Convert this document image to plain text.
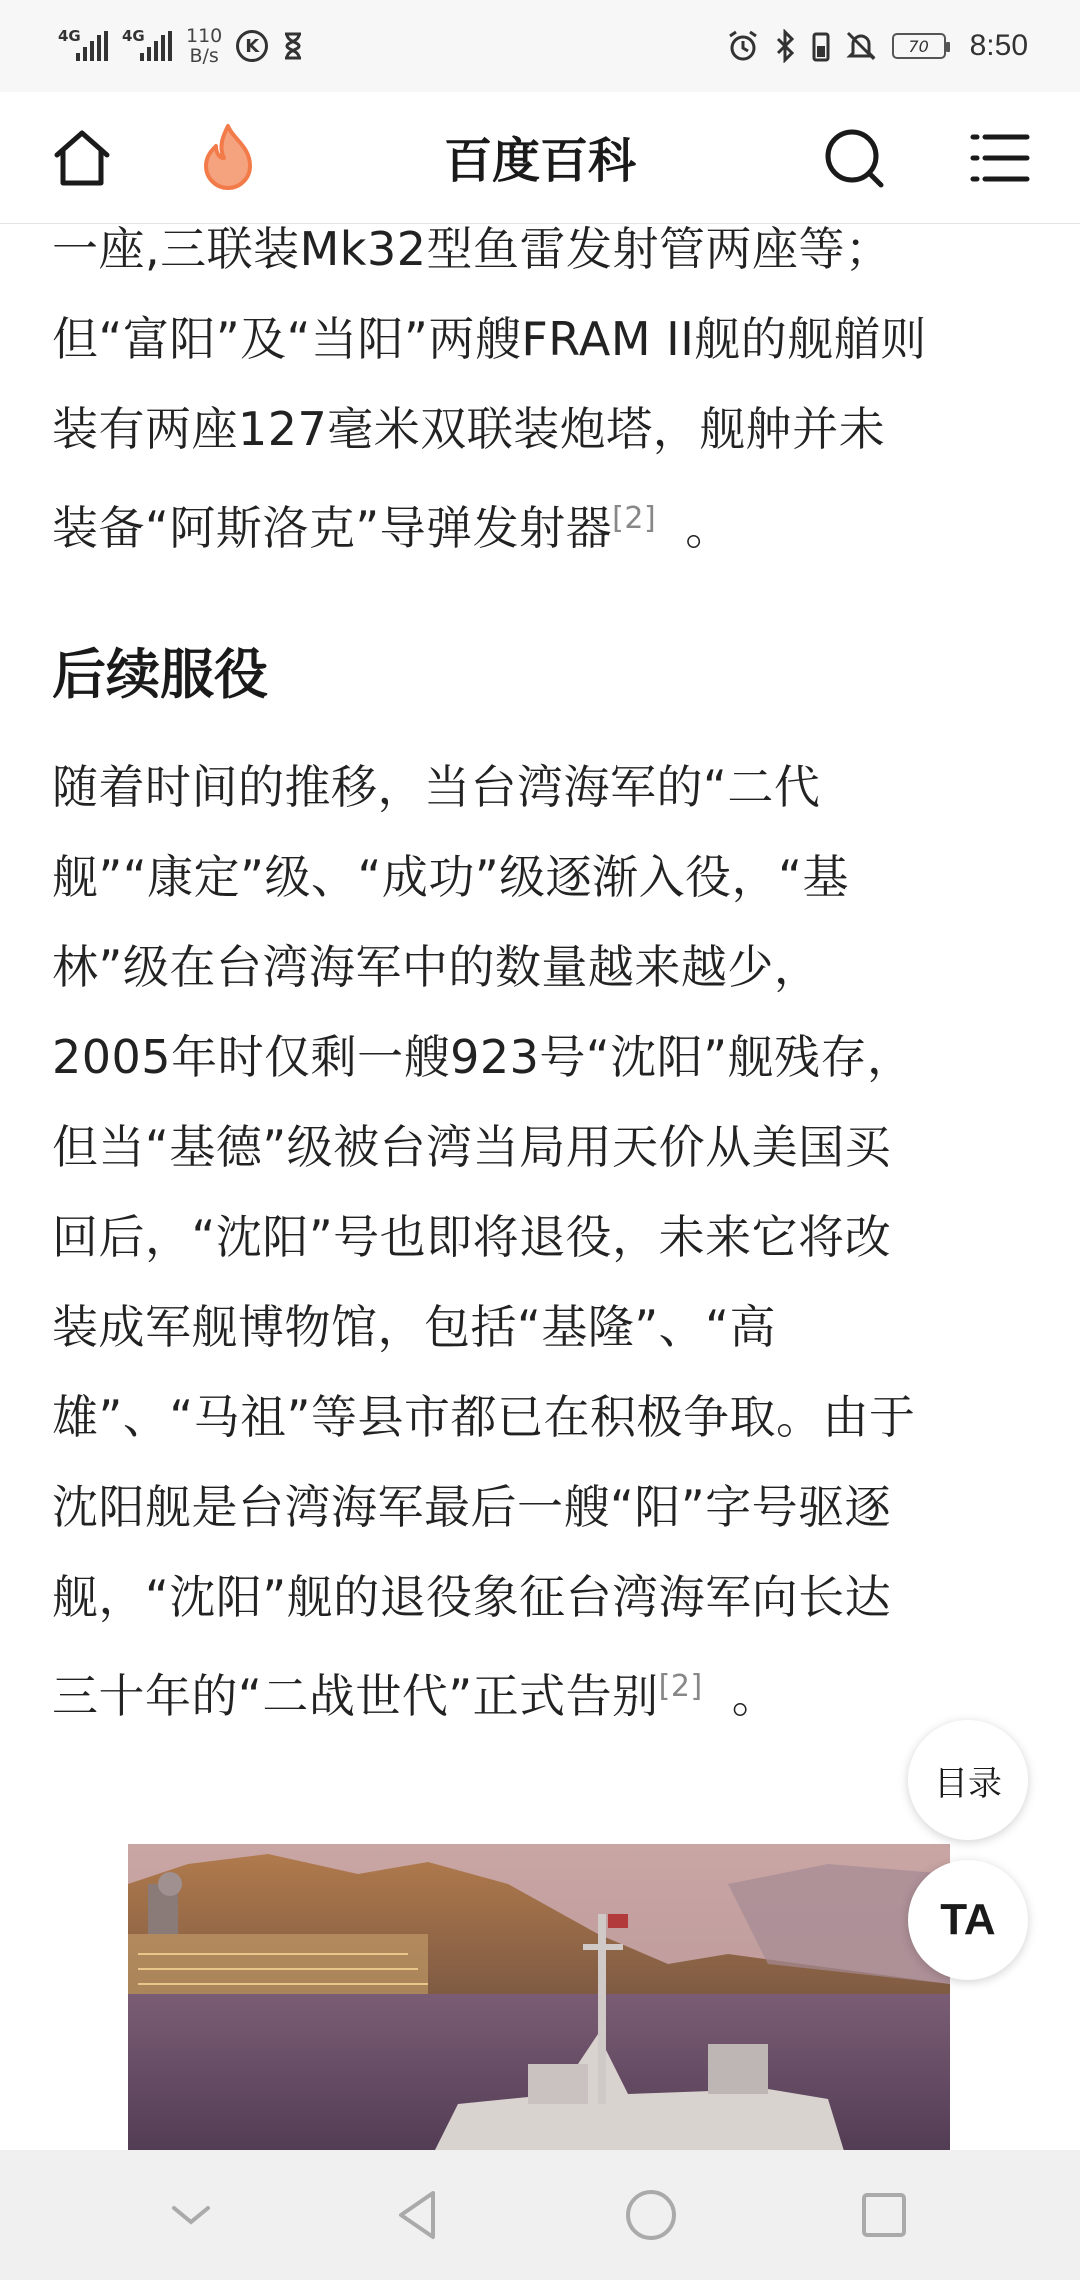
4G	4G 110
B/s	K	70	8:50
百度百科
一座,三联装Mk32型鱼雷发射管两座等；
但“富阳”及“当阳”两艘FRAM II舰的舰艏则
装有两座127毫米双联装炮塔，舰舯并未
装备“阿斯洛克”导弹发射器[2] 。
后续服役
随着时间的推移，当台湾海军的“二代
舰”“康定”级、“成功”级逐渐入役，“基
林”级在台湾海军中的数量越来越少，
2005年时仅剩一艘923号“沈阳”舰残存，
但当“基德”级被台湾当局用天价从美国买
回后，“沈阳”号也即将退役，未来它将改
装成军舰博物馆，包括“基隆”、“高
雄”、“马祖”等县市都已在积极争取。由于
沈阳舰是台湾海军最后一艘“阳”字号驱逐
舰，“沈阳”舰的退役象征台湾海军向长达
三十年的“二战世代”正式告别[2] 。
目录
TA
